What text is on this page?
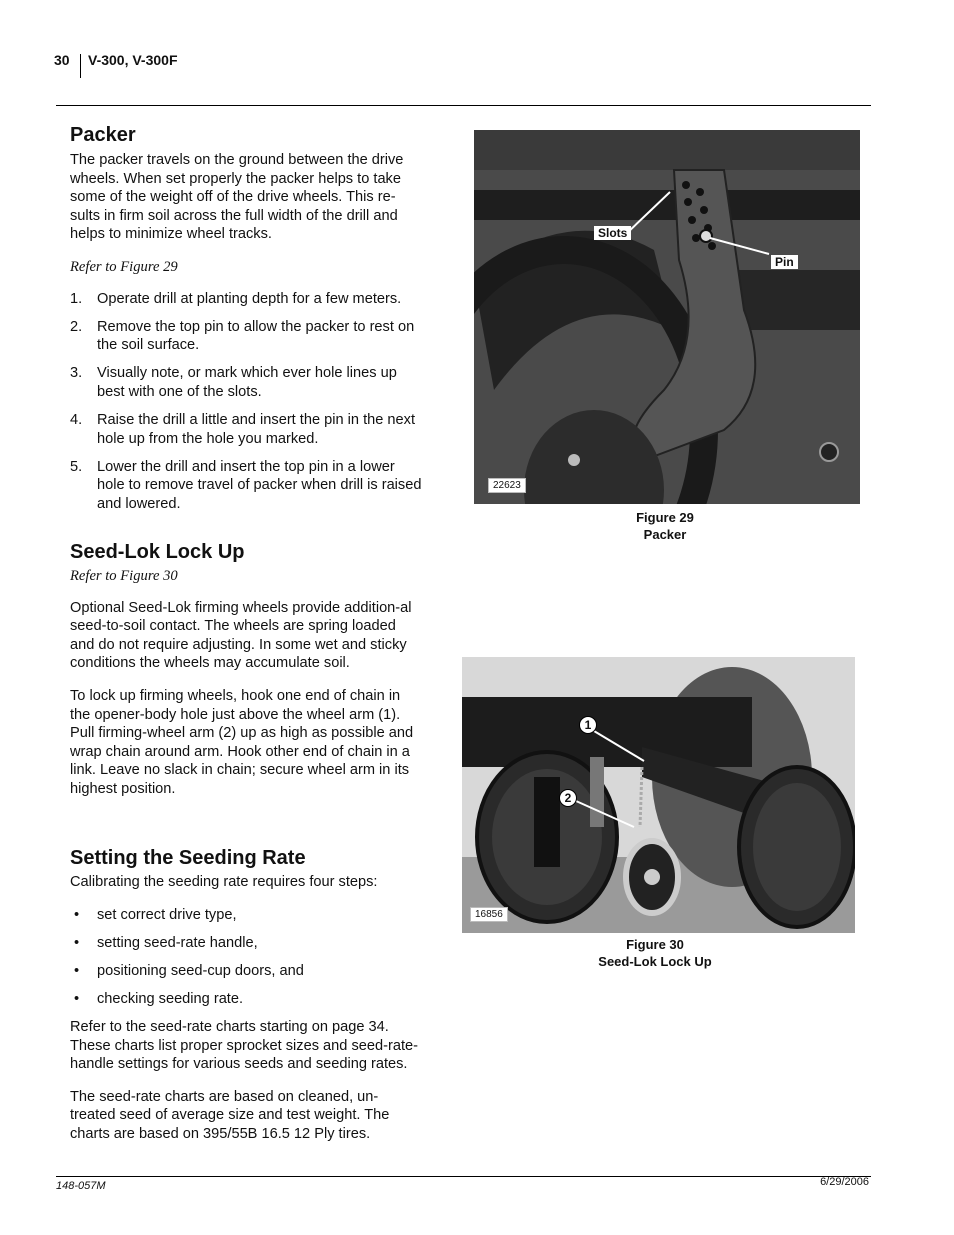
30 V-300, V-300F
Packer

The packer travels on the ground between the drive wheels. When set properly the packer helps to take some of the weight off of the drive wheels. This re-sults in firm soil across the full width of the drill and helps to minimize wheel tracks.

Refer to Figure 29

1. Operate drill at planting depth for a few meters.
2. Remove the top pin to allow the packer to rest on the soil surface.
3. Visually note, or mark which ever hole lines up best with one of the slots.
4. Raise the drill a little and insert the pin in the next hole up from the hole you marked.
5. Lower the drill and insert the top pin in a lower hole to remove travel of packer when drill is raised and lowered.
Seed-Lok Lock Up

Refer to Figure 30

Optional Seed-Lok firming wheels provide addition-al seed-to-soil contact. The wheels are spring loaded and do not require adjusting. In some wet and sticky conditions the wheels may accumulate soil.

To lock up firming wheels, hook one end of chain in the opener-body hole just above the wheel arm (1). Pull firming-wheel arm (2) up as high as possible and wrap chain around arm. Hook other end of chain in a link. Leave no slack in chain; secure wheel arm in its highest position.

Setting the Seeding Rate

Calibrating the seeding rate requires four steps:

• set correct drive type,
• setting seed-rate handle,
• positioning seed-cup doors, and
• checking seeding rate.

Refer to the seed-rate charts starting on page 34. These charts list proper sprocket sizes and seed-rate-handle settings for various seeds and seeding rates.

The seed-rate charts are based on cleaned, un-treated seed of average size and test weight. The charts are based on 395/55B 16.5 12 Ply tires.

Slots
Pin
22623
Figure 29
Packer
1
2
16856
Figure 30
Seed-Lok Lock Up
148-057M	6/29/2006
